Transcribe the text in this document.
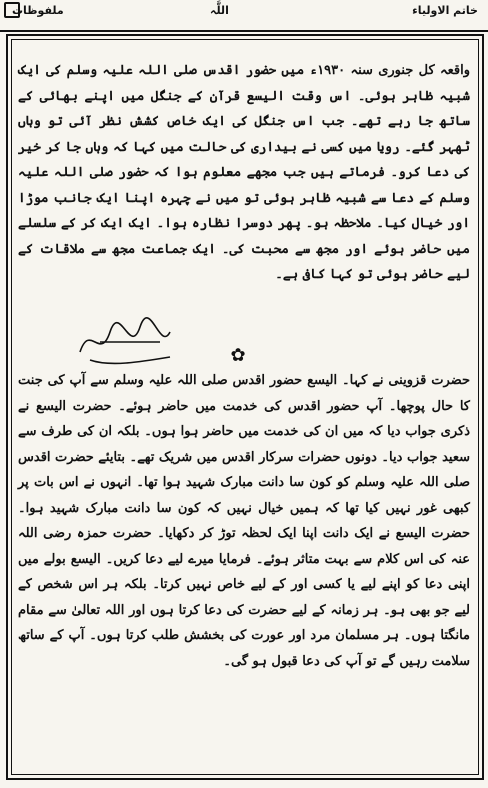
ملفوظات	اللَّہ	خاتم الاولیاء
واقعہ کل جنوری سنہ ۱۹۳۰ء میں حضور اقدس صلی اللہ علیہ وسلم کی ایک شبیہ ظاہر ہوئی۔ اس وقت الیسع قرآن کے جنگل میں اپنے بھائی کے ساتھ جا رہے تھے۔ جب اس جنگل کی ایک خاص کشش نظر آئی تو وہاں ٹھہر گئے۔ رویا میں کسی نے بیداری کی حالت میں کہا کہ وہاں جا کر خیر کی دعا کرو۔ فرماتے ہیں جب مجھے معلوم ہوا کہ حضور صلی اللہ علیہ وسلم کے دعا سے شبیہ ظاہر ہوئی تو میں نے چہرہ اپنا ایک جانب موڑا اور خیال کیا۔ ملاحظہ ہو۔ پھر دوسرا نظارہ ہوا۔ ایک ایک کر کے سلسلے میں حاضر ہوئے اور مجھ سے محبت کی۔ ایک جماعت مجھ سے ملاقات کے لیے حاضر ہوئی تو کہا کافی ہے۔
✿
حضرت قزوینی نے کہا۔ الیسع حضور اقدس صلی اللہ علیہ وسلم سے آپ کی جنت کا حال پوچھا۔ آپ حضور اقدس کی خدمت میں حاضر ہوئے۔ حضرت الیسع نے ذکری جواب دیا کہ میں ان کی خدمت میں حاضر ہوا ہوں۔ بلکہ ان کی طرف سے سعید جواب دیا۔ دونوں حضرات سرکار اقدس میں شریک تھے۔ بتایئے حضرت اقدس صلی اللہ علیہ وسلم کو کون سا دانت مبارک شہید ہوا تھا۔ انہوں نے اس بات پر کبھی غور نہیں کیا تھا کہ ہمیں خیال نہیں کہ کون سا دانت مبارک شہید ہوا۔ حضرت الیسع نے ایک دانت اپنا ایک لحظہ توڑ کر دکھایا۔ حضرت حمزہ رضی اللہ عنہ کی اس کلام سے بہت متاثر ہوئے۔ فرمایا میرے لیے دعا کریں۔ الیسع بولے میں اپنی دعا کو اپنے لیے یا کسی اور کے لیے خاص نہیں کرتا۔ بلکہ ہر اس شخص کے لیے جو بھی ہو۔ ہر زمانہ کے لیے حضرت کی دعا کرتا ہوں اور اللہ تعالیٰ سے مقام مانگتا ہوں۔ ہر مسلمان مرد اور عورت کی بخشش طلب کرتا ہوں۔ آپ کے ساتھ سلامت رہیں گے تو آپ کی دعا قبول ہو گی۔
